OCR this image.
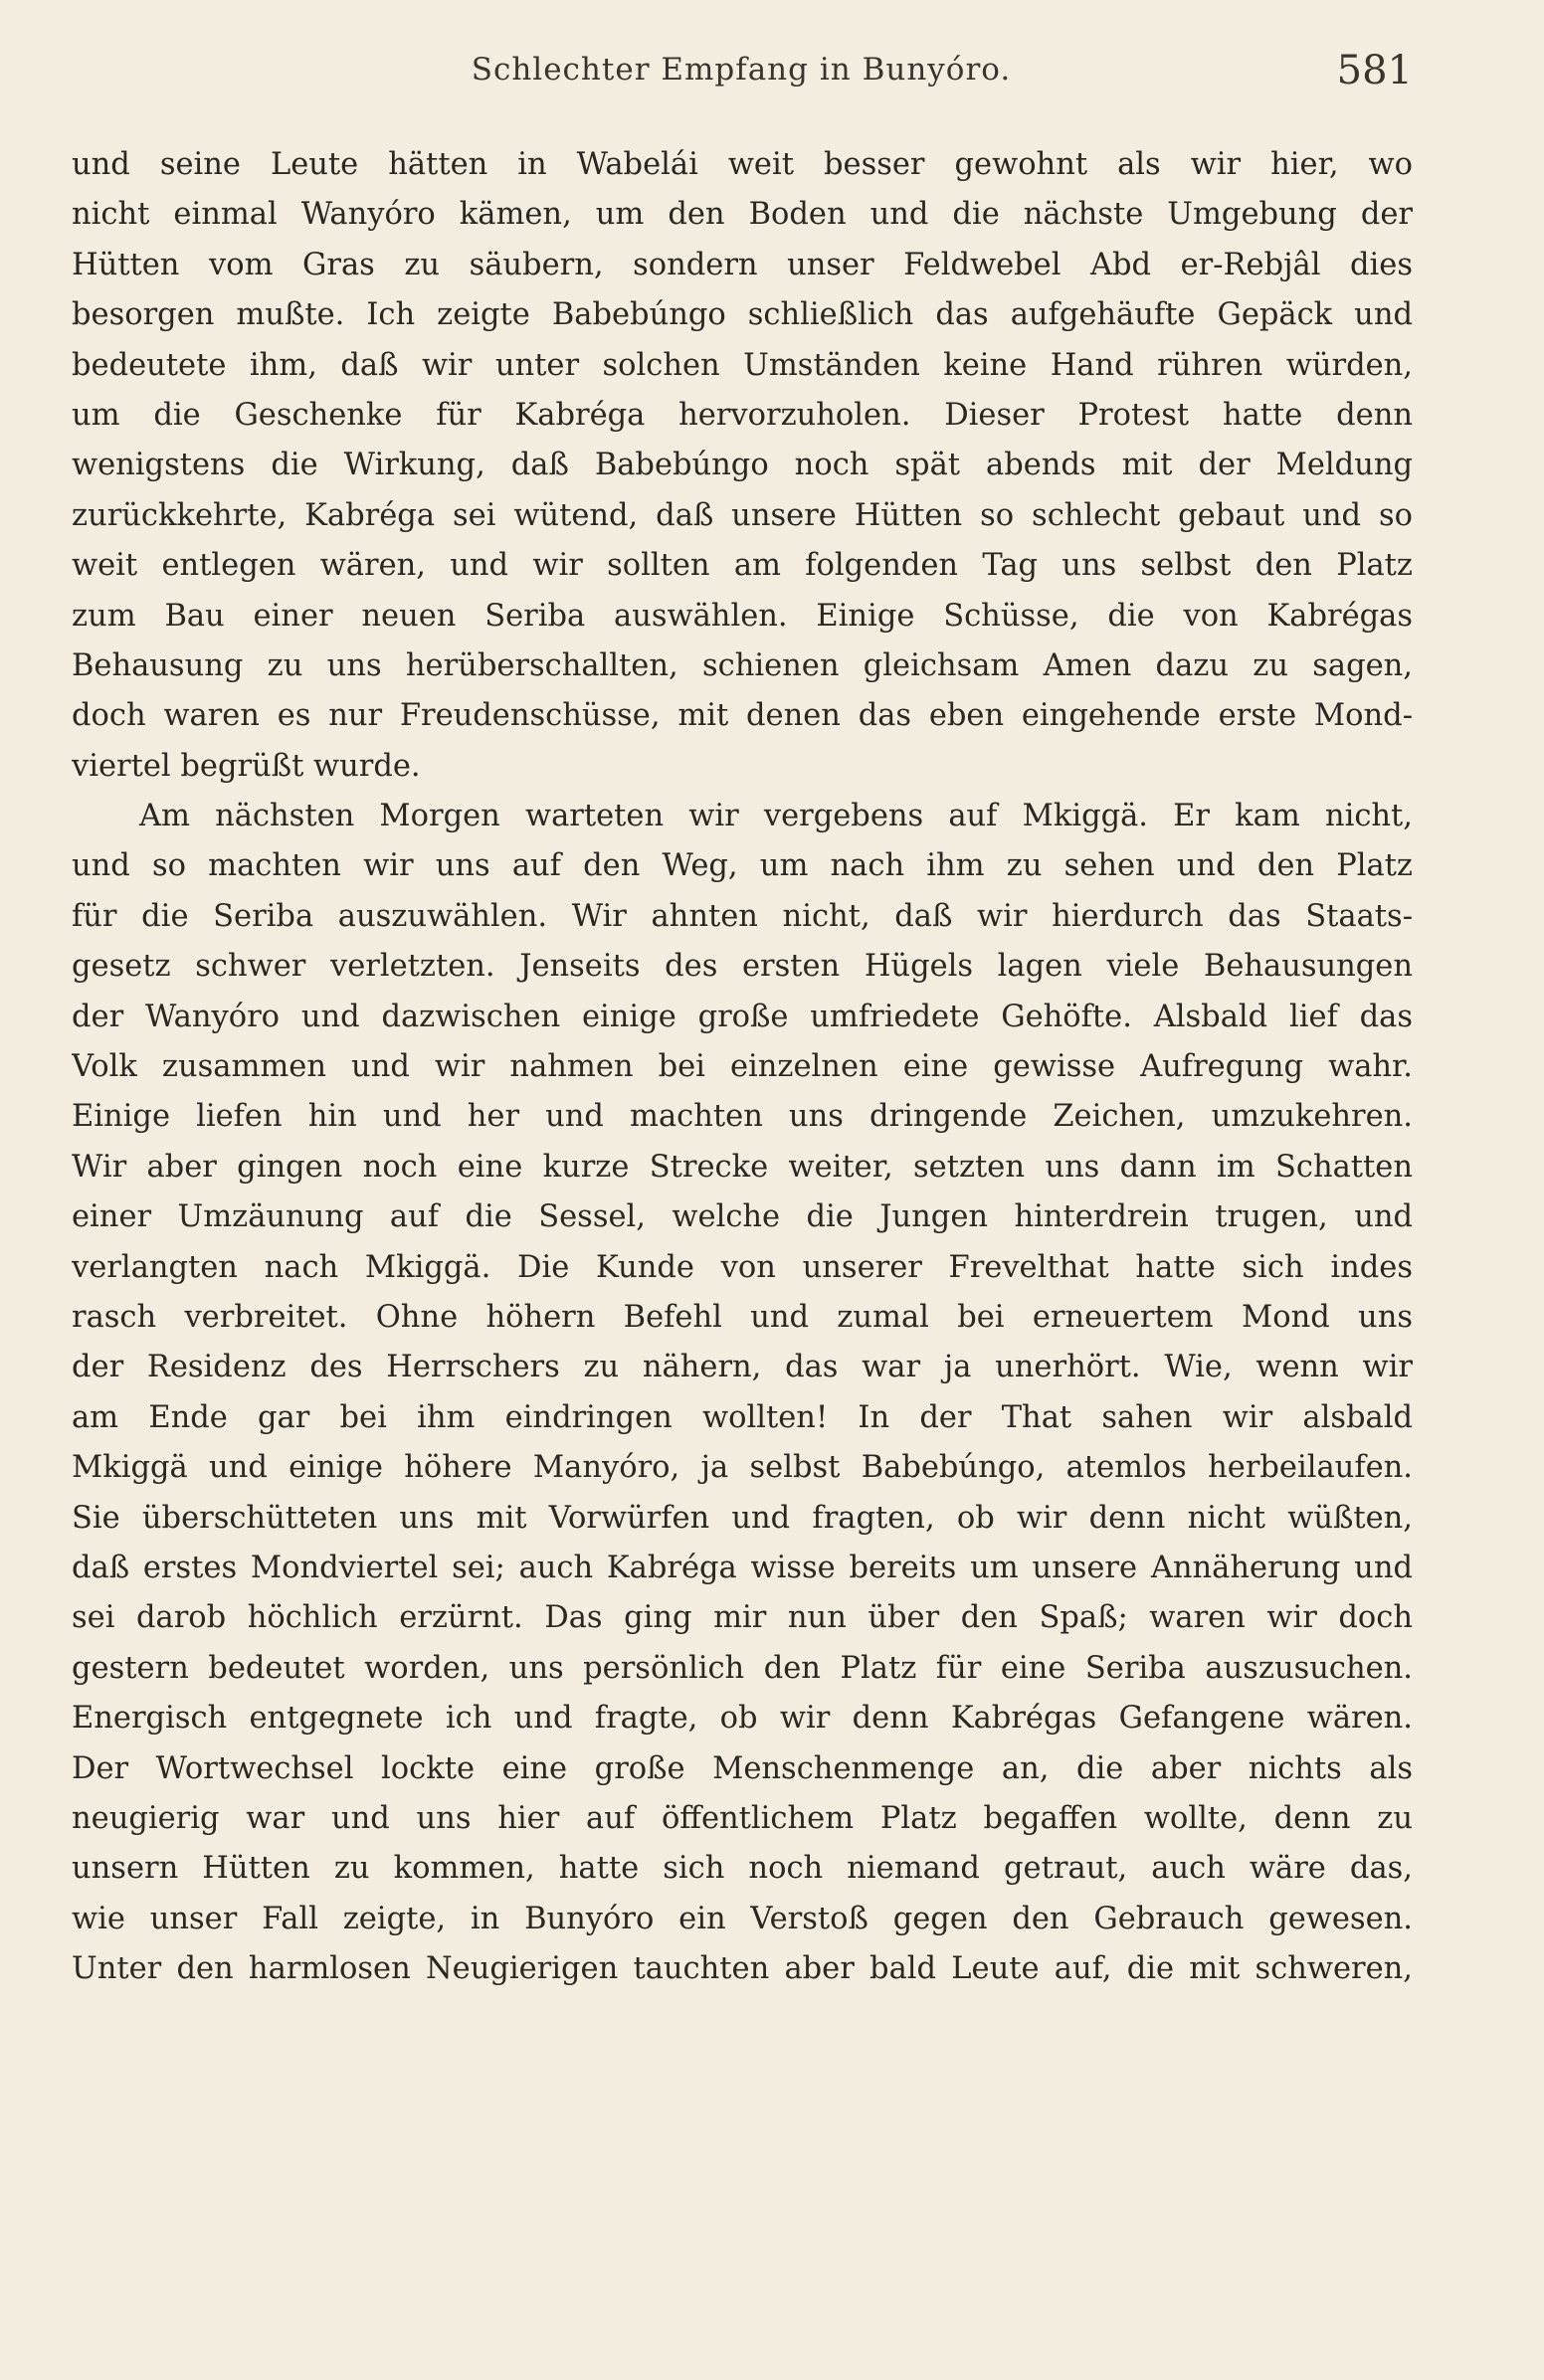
Schlechter Empfang in Bunyóro.	581
und seine Leute hätten in Wabelái weit besser gewohnt als wir hier, wo
nicht einmal Wanyóro kämen, um den Boden und die nächste Umgebung der
Hütten vom Gras zu säubern, sondern unser Feldwebel Abd er-Rebjâl dies
besorgen mußte. Ich zeigte Babebúngo schließlich das aufgehäufte Gepäck und
bedeutete ihm, daß wir unter solchen Umständen keine Hand rühren würden,
um die Geschenke für Kabréga hervorzuholen. Dieser Protest hatte denn
wenigstens die Wirkung, daß Babebúngo noch spät abends mit der Meldung
zurückkehrte, Kabréga sei wütend, daß unsere Hütten so schlecht gebaut und so
weit entlegen wären, und wir sollten am folgenden Tag uns selbst den Platz
zum Bau einer neuen Seriba auswählen. Einige Schüsse, die von Kabrégas
Behausung zu uns herüberschallten, schienen gleichsam Amen dazu zu sagen,
doch waren es nur Freudenschüsse, mit denen das eben eingehende erste Mond-
viertel begrüßt wurde.
Am nächsten Morgen warteten wir vergebens auf Mkiggä. Er kam nicht,
und so machten wir uns auf den Weg, um nach ihm zu sehen und den Platz
für die Seriba auszuwählen. Wir ahnten nicht, daß wir hierdurch das Staats-
gesetz schwer verletzten. Jenseits des ersten Hügels lagen viele Behausungen
der Wanyóro und dazwischen einige große umfriedete Gehöfte. Alsbald lief das
Volk zusammen und wir nahmen bei einzelnen eine gewisse Aufregung wahr.
Einige liefen hin und her und machten uns dringende Zeichen, umzukehren.
Wir aber gingen noch eine kurze Strecke weiter, setzten uns dann im Schatten
einer Umzäunung auf die Sessel, welche die Jungen hinterdrein trugen, und
verlangten nach Mkiggä. Die Kunde von unserer Frevelthat hatte sich indes
rasch verbreitet. Ohne höhern Befehl und zumal bei erneuertem Mond uns
der Residenz des Herrschers zu nähern, das war ja unerhört. Wie, wenn wir
am Ende gar bei ihm eindringen wollten! In der That sahen wir alsbald
Mkiggä und einige höhere Manyóro, ja selbst Babebúngo, atemlos herbeilaufen.
Sie überschütteten uns mit Vorwürfen und fragten, ob wir denn nicht wüßten,
daß erstes Mondviertel sei; auch Kabréga wisse bereits um unsere Annäherung und
sei darob höchlich erzürnt. Das ging mir nun über den Spaß; waren wir doch
gestern bedeutet worden, uns persönlich den Platz für eine Seriba auszusuchen.
Energisch entgegnete ich und fragte, ob wir denn Kabrégas Gefangene wären.
Der Wortwechsel lockte eine große Menschenmenge an, die aber nichts als
neugierig war und uns hier auf öffentlichem Platz begaffen wollte, denn zu
unsern Hütten zu kommen, hatte sich noch niemand getraut, auch wäre das,
wie unser Fall zeigte, in Bunyóro ein Verstoß gegen den Gebrauch gewesen.
Unter den harmlosen Neugierigen tauchten aber bald Leute auf, die mit schweren,
